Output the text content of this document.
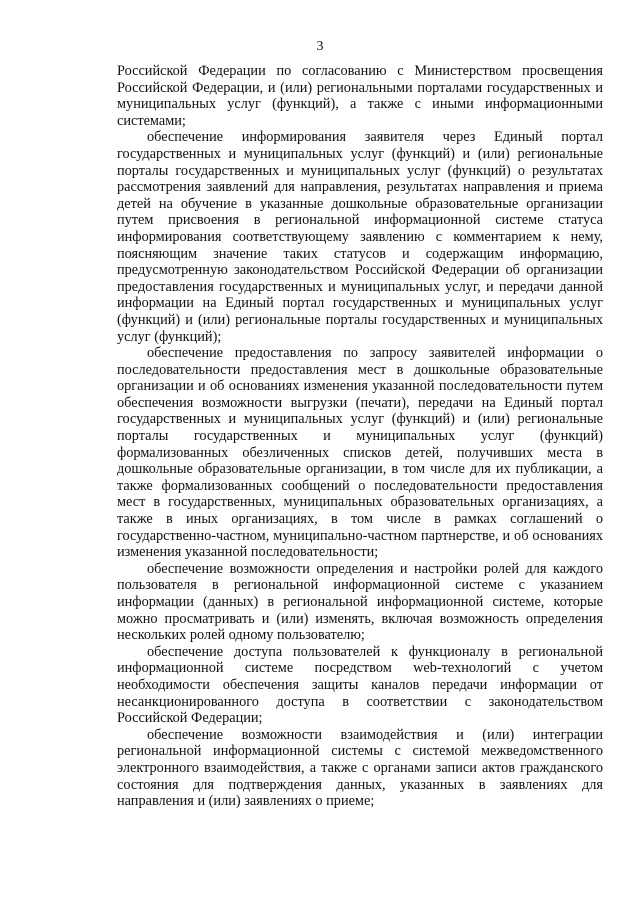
3

Российской Федерации по согласованию с Министерством просвещения Российской Федерации, и (или) региональными порталами государственных и муниципальных услуг (функций), а также с иными информационными системами;

обеспечение информирования заявителя через Единый портал государственных и муниципальных услуг (функций) и (или) региональные порталы государственных и муниципальных услуг (функций) о результатах рассмотрения заявлений для направления, результатах направления и приема детей на обучение в указанные дошкольные образовательные организации путем присвоения в региональной информационной системе статуса информирования соответствующему заявлению с комментарием к нему, поясняющим значение таких статусов и содержащим информацию, предусмотренную законодательством Российской Федерации об организации предоставления государственных и муниципальных услуг, и передачи данной информации на Единый портал государственных и муниципальных услуг (функций) и (или) региональные порталы государственных и муниципальных услуг (функций);

обеспечение предоставления по запросу заявителей информации о последовательности предоставления мест в дошкольные образовательные организации и об основаниях изменения указанной последовательности путем обеспечения возможности выгрузки (печати), передачи на Единый портал государственных и муниципальных услуг (функций) и (или) региональные порталы государственных и муниципальных услуг (функций) формализованных обезличенных списков детей, получивших места в дошкольные образовательные организации, в том числе для их публикации, а также формализованных сообщений о последовательности предоставления мест в государственных, муниципальных образовательных организациях, а также в иных организациях, в том числе в рамках соглашений о государственно-частном, муниципально-частном партнерстве, и об основаниях изменения указанной последовательности;

обеспечение возможности определения и настройки ролей для каждого пользователя в региональной информационной системе с указанием информации (данных) в региональной информационной системе, которые можно просматривать и (или) изменять, включая возможность определения нескольких ролей одному пользователю;

обеспечение доступа пользователей к функционалу в региональной информационной системе посредством web-технологий с учетом необходимости обеспечения защиты каналов передачи информации от несанкционированного доступа в соответствии с законодательством Российской Федерации;

обеспечение возможности взаимодействия и (или) интеграции региональной информационной системы с системой межведомственного электронного взаимодействия, а также с органами записи актов гражданского состояния для подтверждения данных, указанных в заявлениях для направления и (или) заявлениях о приеме;
